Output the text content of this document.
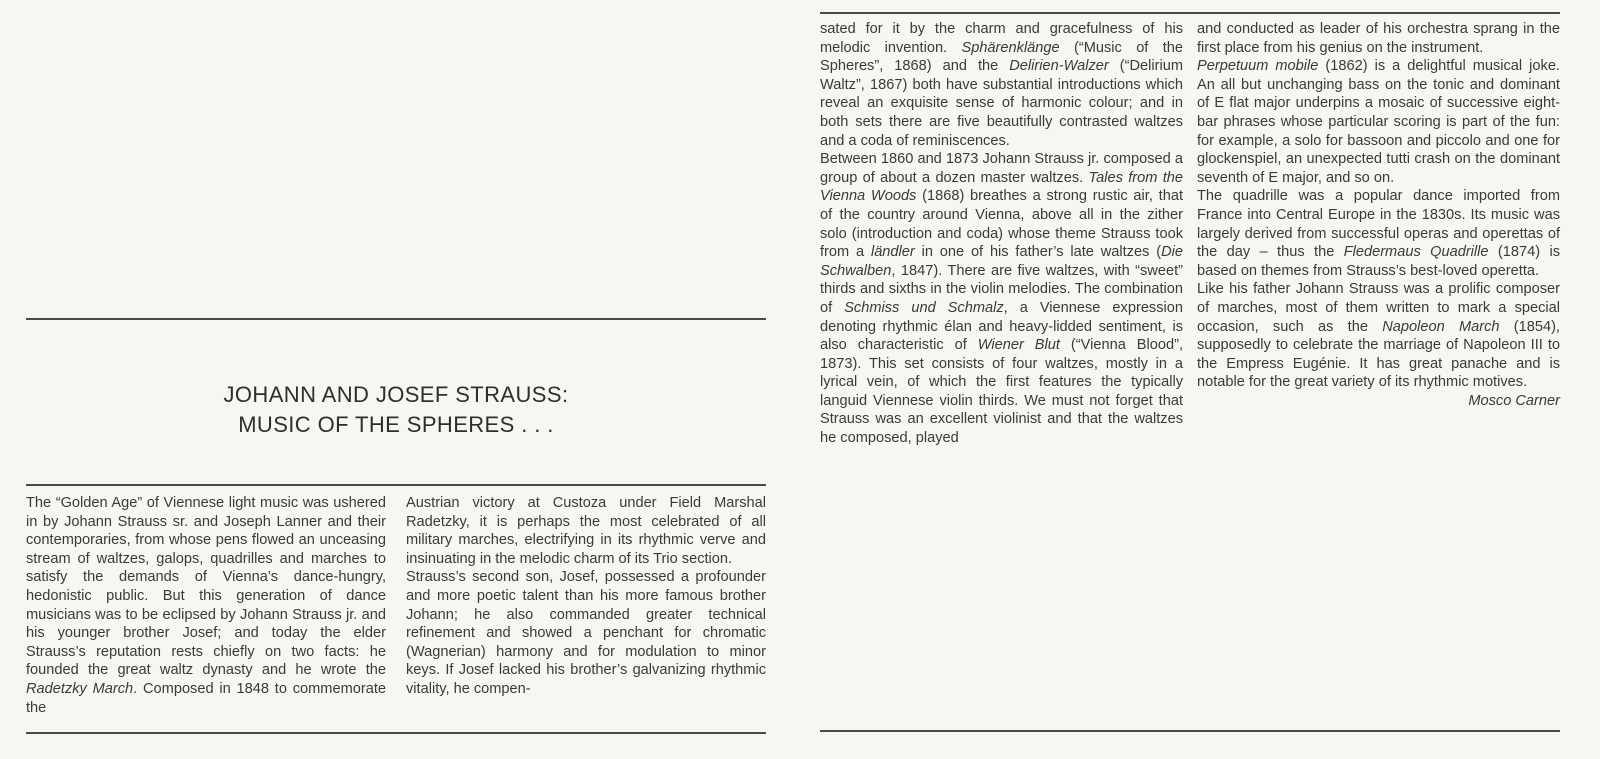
JOHANN AND JOSEF STRAUSS:
MUSIC OF THE SPHERES . . .

The “Golden Age” of Viennese light music was ushered in by Johann Strauss sr. and Joseph Lanner and their contemporaries, from whose pens flowed an unceasing stream of waltzes, galops, quadrilles and marches to satisfy the demands of Vienna’s dance-hungry, hedonistic public. But this generation of dance musicians was to be eclipsed by Johann Strauss jr. and his younger brother Josef; and today the elder Strauss’s reputation rests chiefly on two facts: he founded the great waltz dynasty and he wrote the Radetzky March. Composed in 1848 to commemorate the

Austrian victory at Custoza under Field Marshal Radetzky, it is perhaps the most celebrated of all military marches, electrifying in its rhythmic verve and insinuating in the melodic charm of its Trio section.

Strauss’s second son, Josef, possessed a profounder and more poetic talent than his more famous brother Johann; he also commanded greater technical refinement and showed a penchant for chromatic (Wagnerian) harmony and for modulation to minor keys. If Josef lacked his brother’s galvanizing rhythmic vitality, he compen-

sated for it by the charm and gracefulness of his melodic invention. Sphärenklänge (“Music of the Spheres”, 1868) and the Delirien-Walzer (“Delirium Waltz”, 1867) both have substantial introductions which reveal an exquisite sense of harmonic colour; and in both sets there are five beautifully contrasted waltzes and a coda of reminiscences.

Between 1860 and 1873 Johann Strauss jr. composed a group of about a dozen master waltzes. Tales from the Vienna Woods (1868) breathes a strong rustic air, that of the country around Vienna, above all in the zither solo (introduction and coda) whose theme Strauss took from a ländler in one of his father’s late waltzes (Die Schwalben, 1847). There are five waltzes, with “sweet” thirds and sixths in the violin melodies. The combination of Schmiss und Schmalz, a Viennese expression denoting rhythmic élan and heavy-lidded sentiment, is also characteristic of Wiener Blut (“Vienna Blood”, 1873). This set consists of four waltzes, mostly in a lyrical vein, of which the first features the typically languid Viennese violin thirds. We must not forget that Strauss was an excellent violinist and that the waltzes he composed, played

and conducted as leader of his orchestra sprang in the first place from his genius on the instrument.

Perpetuum mobile (1862) is a delightful musical joke. An all but unchanging bass on the tonic and dominant of E flat major underpins a mosaic of successive eight-bar phrases whose particular scoring is part of the fun: for example, a solo for bassoon and piccolo and one for glockenspiel, an unexpected tutti crash on the dominant seventh of E major, and so on.

The quadrille was a popular dance imported from France into Central Europe in the 1830s. Its music was largely derived from successful operas and operettas of the day – thus the Fledermaus Quadrille (1874) is based on themes from Strauss’s best-loved operetta.

Like his father Johann Strauss was a prolific composer of marches, most of them written to mark a special occasion, such as the Napoleon March (1854), supposedly to celebrate the marriage of Napoleon III to the Empress Eugénie. It has great panache and is notable for the great variety of its rhythmic motives.

Mosco Carner
